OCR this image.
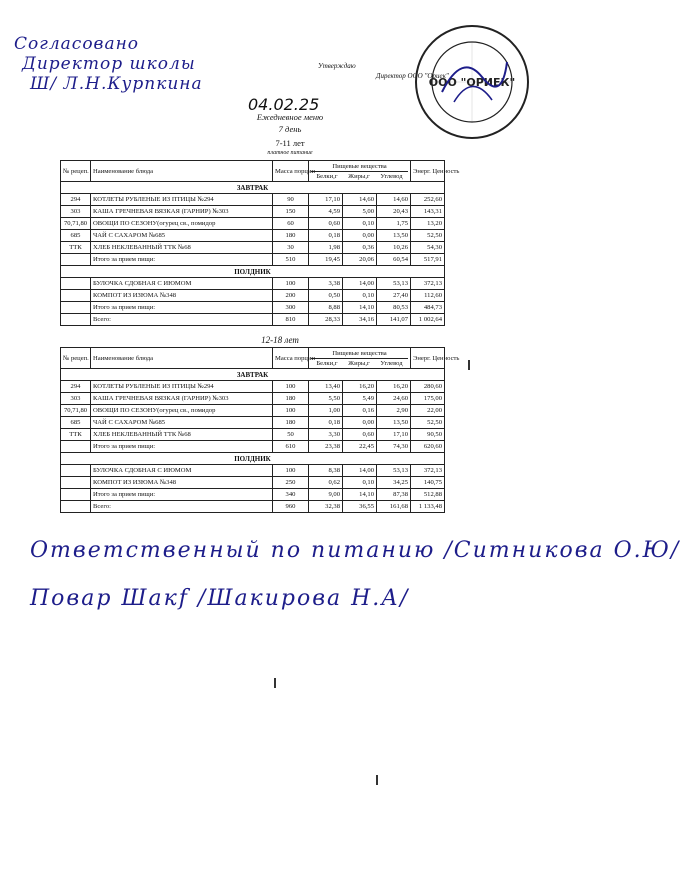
Согласовано
Директор школы
Ш/ Л.Н.Курпкина
Утверждаю
Директор ООО "Ориек"
ООО "ОРИЕК"
04.02.25
Ежедневное меню
7 день
7-11 лет
платное питание
№ рецеп.	Наименование блюда	Масса порции	Пищевые вещества
Белки,г Жиры,г Углевод			Энерг. Ценность
ЗАВТРАК						
294	КОТЛЕТЫ РУБЛЕНЫЕ ИЗ ПТИЦЫ №294	90	17,10	14,60	14,60	252,60
303	КАША ГРЕЧНЕВАЯ ВЯЗКАЯ (ГАРНИР) №303	150	4,59	5,00	20,43	143,31
70,71,80	ОВОЩИ ПО СЕЗОНУ(огурец св., помидор	60	0,60	0,10	1,75	13,20
685	ЧАЙ С САХАРОМ №685	180	0,18	0,00	13,50	52,50
ТТК	ХЛЕБ НЕКЛЕВАННЫЙ ТТК №68	30	1,98	0,36	10,26	54,30
	Итого за прием пищи:	510	19,45	20,06	60,54	517,91
ПОЛДНИК						
	БУЛОЧКА СДОБНАЯ С ИЮМОМ	100	3,38	14,00	53,13	372,13
	КОМПОТ ИЗ ИЗЮМА №348	200	0,50	0,10	27,40	112,60
	Итого за прием пищи:	300	8,88	14,10	80,53	484,73
	Всего:	810	28,33	34,16	141,07	1 002,64
12-18 лет
№ рецеп.	Наименование блюда	Масса порции	Пищевые вещества
Белки,г Жиры,г Углевод			Энерг. Ценность
ЗАВТРАК						
294	КОТЛЕТЫ РУБЛЕНЫЕ ИЗ ПТИЦЫ №294	100	13,40	16,20	16,20	280,60
303	КАША ГРЕЧНЕВАЯ ВЯЗКАЯ (ГАРНИР) №303	180	5,50	5,49	24,60	175,00
70,71,80	ОВОЩИ ПО СЕЗОНУ(огурец св., помидор	100	1,00	0,16	2,90	22,00
685	ЧАЙ С САХАРОМ №685	180	0,18	0,00	13,50	52,50
ТТК	ХЛЕБ НЕКЛЕВАННЫЙ ТТК №68	50	3,30	0,60	17,10	90,50
	Итого за прием пищи:	610	23,38	22,45	74,30	620,60
ПОЛДНИК						
	БУЛОЧКА СДОБНАЯ С ИЮМОМ	100	8,38	14,00	53,13	372,13
	КОМПОТ ИЗ ИЗЮМА №348	250	0,62	0,10	34,25	140,75
	Итого за прием пищи:	340	9,00	14,10	87,38	512,88
	Всего:	960	32,38	36,55	161,68	1 133,48
Ответственный по питанию /Ситникова О.Ю/
Повар Шакf /Шакирова Н.А/
